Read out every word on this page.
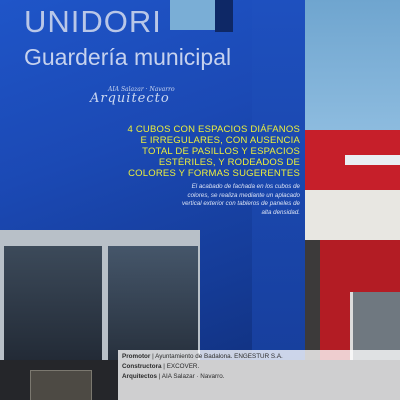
UNIDORI
Guardería municipal
AIA Salazar · Navarro
Arquitecto

4 CUBOS CON ESPACIOS DIÁFANOS
E IRREGULARES, CON AUSENCIA
TOTAL DE PASILLOS Y ESPACIOS
ESTÉRILES, Y RODEADOS DE
COLORES Y FORMAS SUGERENTES

El acabado de fachada en los cubos de
colores, se realiza mediante un aplacado
vertical exterior con tableros de paneles de
alta densidad.

Promotor | Ayuntamiento de Badalona. ENGESTUR S.A.
Constructora | EXCOVER.
Arquitectos | AIA Salazar · Navarro.
